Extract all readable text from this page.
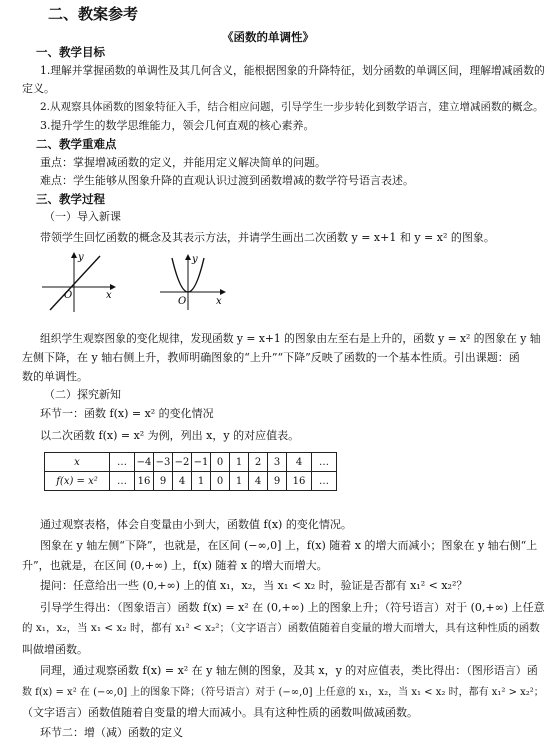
二、教案参考
《函数的单调性》
一、教学目标
1.理解并掌握函数的单调性及其几何含义，能根据图象的升降特征，划分函数的单调区间，理解增减函数的
定义。
2.从观察具体函数的图象特征入手，结合相应问题，引导学生一步步转化到数学语言，建立增减函数的概念。
3.提升学生的数学思维能力，领会几何直观的核心素养。
二、教学重难点
重点：掌握增减函数的定义，并能用定义解决简单的问题。
难点：学生能够从图象升降的直观认识过渡到函数增减的数学符号语言表述。
三、教学过程
（一）导入新课
带领学生回忆函数的概念及其表示方法，并请学生画出二次函数 y = x+1 和 y = x² 的图象。
y
x
O
y
x
O
组织学生观察图象的变化规律，发现函数 y = x+1 的图象由左至右是上升的，函数 y = x² 的图象在 y 轴
左侧下降，在 y 轴右侧上升，教师明确图象的“上升”“下降”反映了函数的一个基本性质。引出课题：函
数的单调性。
（二）探究新知
环节一：函数 f(x) = x² 的变化情况
以二次函数 f(x) = x² 为例，列出 x，y 的对应值表。
x	…	−4	−3	−2	−1	0	1	2	3	4	…
f(x) = x²	…	16	9	4	1	0	1	4	9	16	…
通过观察表格，体会自变量由小到大，函数值 f(x) 的变化情况。
图象在 y 轴左侧“下降”，也就是，在区间 (−∞,0] 上，f(x) 随着 x 的增大而减小；图象在 y 轴右侧“上
升”，也就是，在区间 (0,+∞) 上，f(x) 随着 x 的增大而增大。
提问：任意给出一些 (0,+∞) 上的值 x₁，x₂，当 x₁ < x₂ 时，验证是否都有 x₁² < x₂²？
引导学生得出：（图象语言）函数 f(x) = x² 在 (0,+∞) 上的图象上升；（符号语言）对于 (0,+∞) 上任意
的 x₁，x₂，当 x₁ < x₂ 时，都有 x₁² < x₂²；（文字语言）函数值随着自变量的增大而增大，具有这种性质的函数
叫做增函数。
同理，通过观察函数 f(x) = x² 在 y 轴左侧的图象，及其 x，y 的对应值表，类比得出：（图形语言）函
数 f(x) = x² 在 (−∞,0] 上的图象下降；（符号语言）对于 (−∞,0] 上任意的 x₁，x₂，当 x₁ < x₂ 时，都有 x₁² > x₂²；
（文字语言）函数值随着自变量的增大而减小。具有这种性质的函数叫做减函数。
环节二：增（减）函数的定义
